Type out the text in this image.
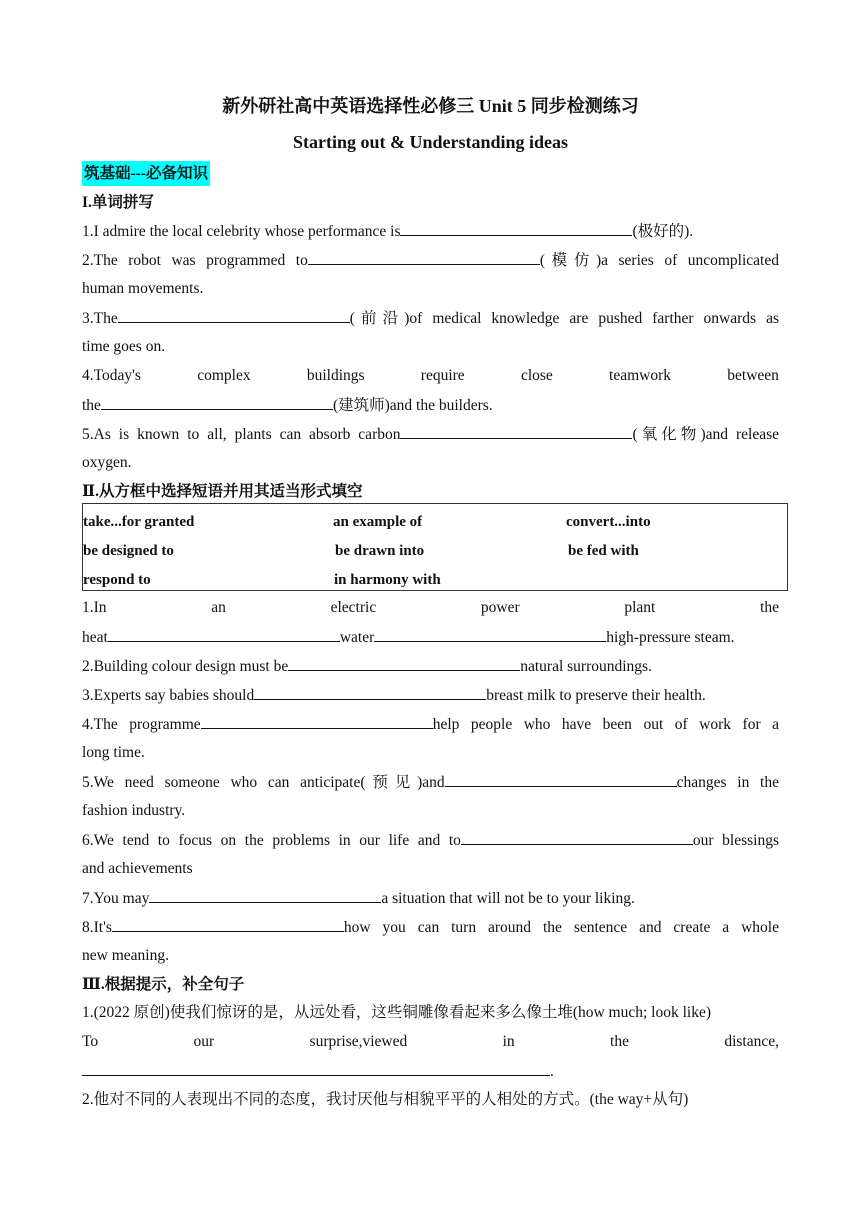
新外研社高中英语选择性必修三 Unit 5 同步检测练习
Starting out & Understanding ideas
筑基础---必备知识
I.单词拼写
1.I admire the local celebrity whose performance is	(极好的).
2.The robot was programmed to	(模仿)a series of uncomplicated
human movements.
3.The	(前沿)of medical knowledge are pushed farther onwards as
time goes on.
4.Today's	complex	buildings	require	close	teamwork	between
the	(建筑师)and the builders.
5.As is known to all, plants can absorb carbon	(氧化物)and release
oxygen.
Ⅱ.从方框中选择短语并用其适当形式填空
take...for granted	an example of	convert...into
be designed to	be drawn into	be fed with
respond to	in harmony with
1.In	an	electric	power	plant	the
heat	water	high-pressure steam.
2.Building colour design must be	natural surroundings.
3.Experts say babies should	breast milk to preserve their health.
4.The programme	help people who have been out of work for a
long time.
5.We need someone who can anticipate(预见)and	changes in the
fashion industry.
6.We tend to focus on the problems in our life and to	our blessings
and achievements
7.You may	a situation that will not be to your liking.
8.It's	how you can turn around the sentence and create a whole
new meaning.
Ⅲ.根据提示，补全句子
1.(2022 原创)使我们惊讶的是，从远处看，这些铜雕像看起来多么像土堆(how much; look like)
To	our	surprise,viewed	in	the	distance,
.
2.他对不同的人表现出不同的态度，我讨厌他与相貌平平的人相处的方式。(the way+从句)
